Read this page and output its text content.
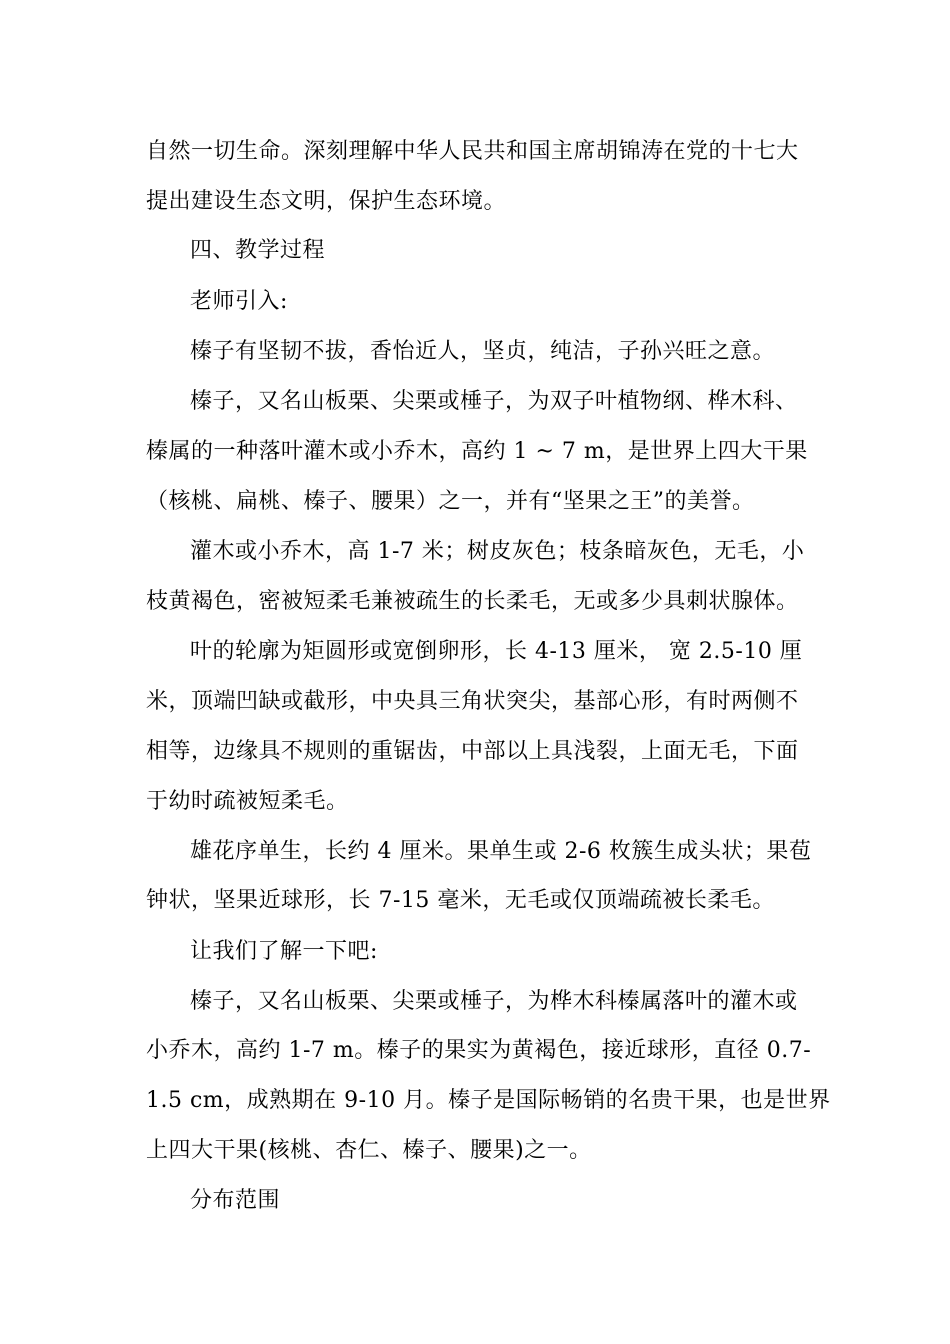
自然一切生命。深刻理解中华人民共和国主席胡锦涛在党的十七大
提出建设生态文明，保护生态环境。
四、教学过程
老师引入:
榛子有坚韧不拔，香怡近人，坚贞，纯洁，子孙兴旺之意。
榛子，又名山板栗、尖栗或棰子，为双子叶植物纲、桦木科、
榛属的一种落叶灌木或小乔木，高约 1 ~ 7 m，是世界上四大干果
（核桃、扁桃、榛子、腰果）之一，并有“坚果之王”的美誉。
灌木或小乔木，高 1-7 米；树皮灰色；枝条暗灰色，无毛，小
枝黄褐色，密被短柔毛兼被疏生的长柔毛，无或多少具刺状腺体。
叶的轮廓为矩圆形或宽倒卵形，长 4-13 厘米， 宽 2.5-10 厘
米，顶端凹缺或截形，中央具三角状突尖，基部心形，有时两侧不
相等，边缘具不规则的重锯齿，中部以上具浅裂，上面无毛，下面
于幼时疏被短柔毛。
雄花序单生，长约 4 厘米。果单生或 2-6 枚簇生成头状；果苞
钟状，坚果近球形，长 7-15 毫米，无毛或仅顶端疏被长柔毛。
让我们了解一下吧:
榛子，又名山板栗、尖栗或棰子，为桦木科榛属落叶的灌木或
小乔木，高约 1-7 m。榛子的果实为黄褐色，接近球形，直径 0.7-
1.5 cm，成熟期在 9-10 月。榛子是国际畅销的名贵干果，也是世界
上四大干果(核桃、杏仁、榛子、腰果)之一。
分布范围
